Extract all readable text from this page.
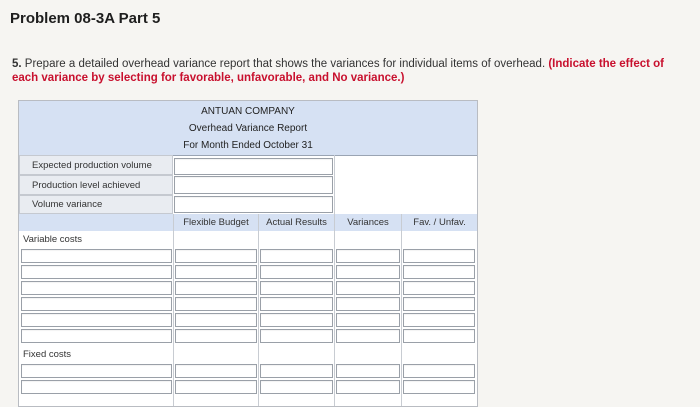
Problem 08-3A Part 5
5. Prepare a detailed overhead variance report that shows the variances for individual items of overhead. (Indicate the effect of each variance by selecting for favorable, unfavorable, and No variance.)
ANTUAN COMPANY
Overhead Variance Report
For Month Ended October 31
Expected production volume
Production level achieved
Volume variance
Flexible Budget	Actual Results	Variances	Fav. / Unfav.
Variable costs
Fixed costs
